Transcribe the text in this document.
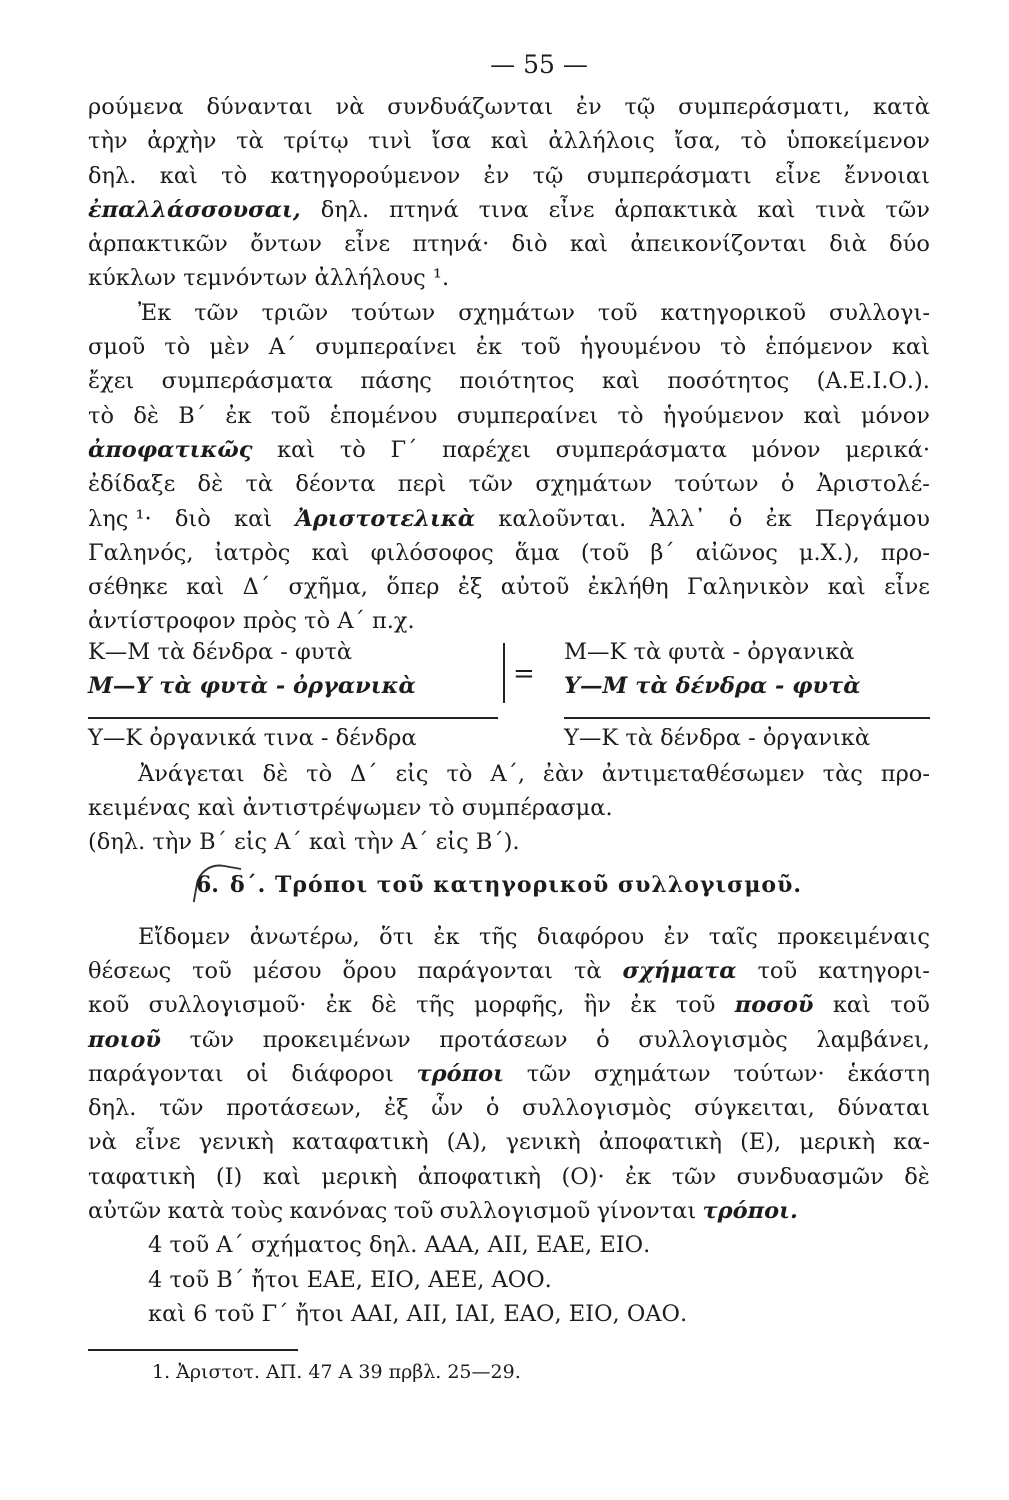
— 55 —
ρούμενα δύνανται νὰ συνδυάζωνται ἐν τῷ συμπεράσματι, κατὰ
τὴν ἀρχὴν τὰ τρίτῳ τινὶ ἴσα καὶ ἀλλήλοις ἴσα, τὸ ὑποκείμενον
δηλ. καὶ τὸ κατηγορούμενον ἐν τῷ συμπεράσματι εἶνε ἔννοιαι
ἐπαλλάσσουσαι, δηλ. πτηνά τινα εἶνε ἁρπακτικὰ καὶ τινὰ τῶν
ἁρπακτικῶν ὄντων εἶνε πτηνά· διὸ καὶ ἀπεικονίζονται διὰ δύο
κύκλων τεμνόντων ἀλλήλους ¹.
Ἐκ τῶν τριῶν τούτων σχημάτων τοῦ κατηγορικοῦ συλλογι-
σμοῦ τὸ μὲν Α΄ συμπεραίνει ἐκ τοῦ ἡγουμένου τὸ ἑπόμενον καὶ
ἔχει συμπεράσματα πάσης ποιότητος καὶ ποσότητος (Α.Ε.Ι.Ο.).
τὸ δὲ Β΄ ἐκ τοῦ ἑπομένου συμπεραίνει τὸ ἡγούμενον καὶ μόνον
ἀποφατικῶς καὶ τὸ Γ΄ παρέχει συμπεράσματα μόνον μερικά·
ἐδίδαξε δὲ τὰ δέοντα περὶ τῶν σχημάτων τούτων ὁ Ἀριστολέ-
λης ¹· διὸ καὶ Ἀριστοτελικὰ καλοῦνται. Ἀλλ᾽ ὁ ἐκ Περγάμου
Γαληνός, ἰατρὸς καὶ φιλόσοφος ἅμα (τοῦ β΄ αἰῶνος μ.Χ.), προ-
σέθηκε καὶ Δ΄ σχῆμα, ὅπερ ἐξ αὐτοῦ ἐκλήθη Γαληνικὸν καὶ εἶνε
ἀντίστροφον πρὸς τὸ Α΄ π.χ.
Κ—Μ τὰ δένδρα - φυτὰ
Μ—Υ τὰ φυτὰ - ὀργανικὰ
Υ—Κ ὀργανικά τινα - δένδρα
=
Μ—Κ τὰ φυτὰ - ὀργανικὰ
Υ—Μ τὰ δένδρα - φυτὰ
Υ—Κ τὰ δένδρα - ὀργανικὰ
Ἀνάγεται δὲ τὸ Δ΄ εἰς τὸ Α΄, ἐὰν ἀντιμεταθέσωμεν τὰς προ-
κειμένας καὶ ἀντιστρέψωμεν τὸ συμπέρασμα.
(δηλ. τὴν Β΄ εἰς Α΄ καὶ τὴν Α΄ εἰς Β΄).
6. δ΄. Τρόποι τοῦ κατηγορικοῦ συλλογισμοῦ.
Εἴδομεν ἀνωτέρω, ὅτι ἐκ τῆς διαφόρου ἐν ταῖς προκειμέναις
θέσεως τοῦ μέσου ὅρου παράγονται τὰ σχήματα τοῦ κατηγορι-
κοῦ συλλογισμοῦ· ἐκ δὲ τῆς μορφῆς, ἣν ἐκ τοῦ ποσοῦ καὶ τοῦ
ποιοῦ τῶν προκειμένων προτάσεων ὁ συλλογισμὸς λαμβάνει,
παράγονται οἱ διάφοροι τρόποι τῶν σχημάτων τούτων· ἑκάστη
δηλ. τῶν προτάσεων, ἐξ ὧν ὁ συλλογισμὸς σύγκειται, δύναται
νὰ εἶνε γενικὴ καταφατικὴ (Α), γενικὴ ἀποφατικὴ (Ε), μερικὴ κα-
ταφατικὴ (Ι) καὶ μερικὴ ἀποφατικὴ (Ο)· ἐκ τῶν συνδυασμῶν δὲ
αὐτῶν κατὰ τοὺς κανόνας τοῦ συλλογισμοῦ γίνονται τρόποι.
4 τοῦ Α΄ σχήματος δηλ. ΑΑΑ, ΑΙΙ, ΕΑΕ, ΕΙΟ.
4 τοῦ Β΄ ἤτοι ΕΑΕ, ΕΙΟ, ΑΕΕ, ΑΟΟ.
καὶ 6 τοῦ Γ΄ ἤτοι ΑΑΙ, ΑΙΙ, ΙΑΙ, ΕΑΟ, ΕΙΟ, ΟΑΟ.
1. Ἀριστοτ. ΑΠ. 47 Α 39 πρβλ. 25—29.
